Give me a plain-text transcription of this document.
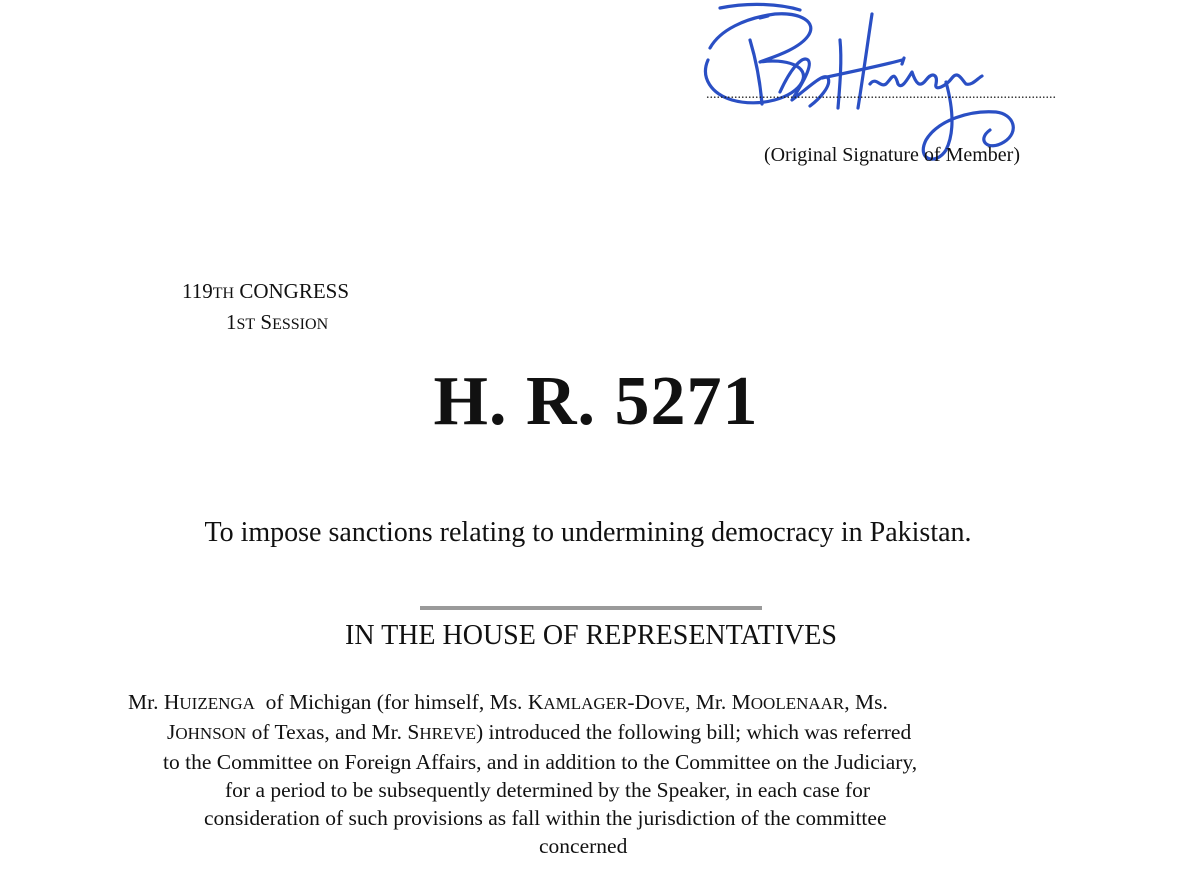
....................................................................................................
(Original Signature of Member)
119TH CONGRESS
1ST SESSION
H. R. 5271
To impose sanctions relating to undermining democracy in Pakistan.
IN THE HOUSE OF REPRESENTATIVES
Mr. HUIZENGA  of Michigan (for himself, Ms. KAMLAGER-DOVE, Mr. MOOLENAAR, Ms.
JOHNSON of Texas, and Mr. SHREVE) introduced the following bill; which was referred
to the Committee on Foreign Affairs, and in addition to the Committee on the Judiciary,
for a period to be subsequently determined by the Speaker, in each case for
consideration of such provisions as fall within the jurisdiction of the committee
concerned
